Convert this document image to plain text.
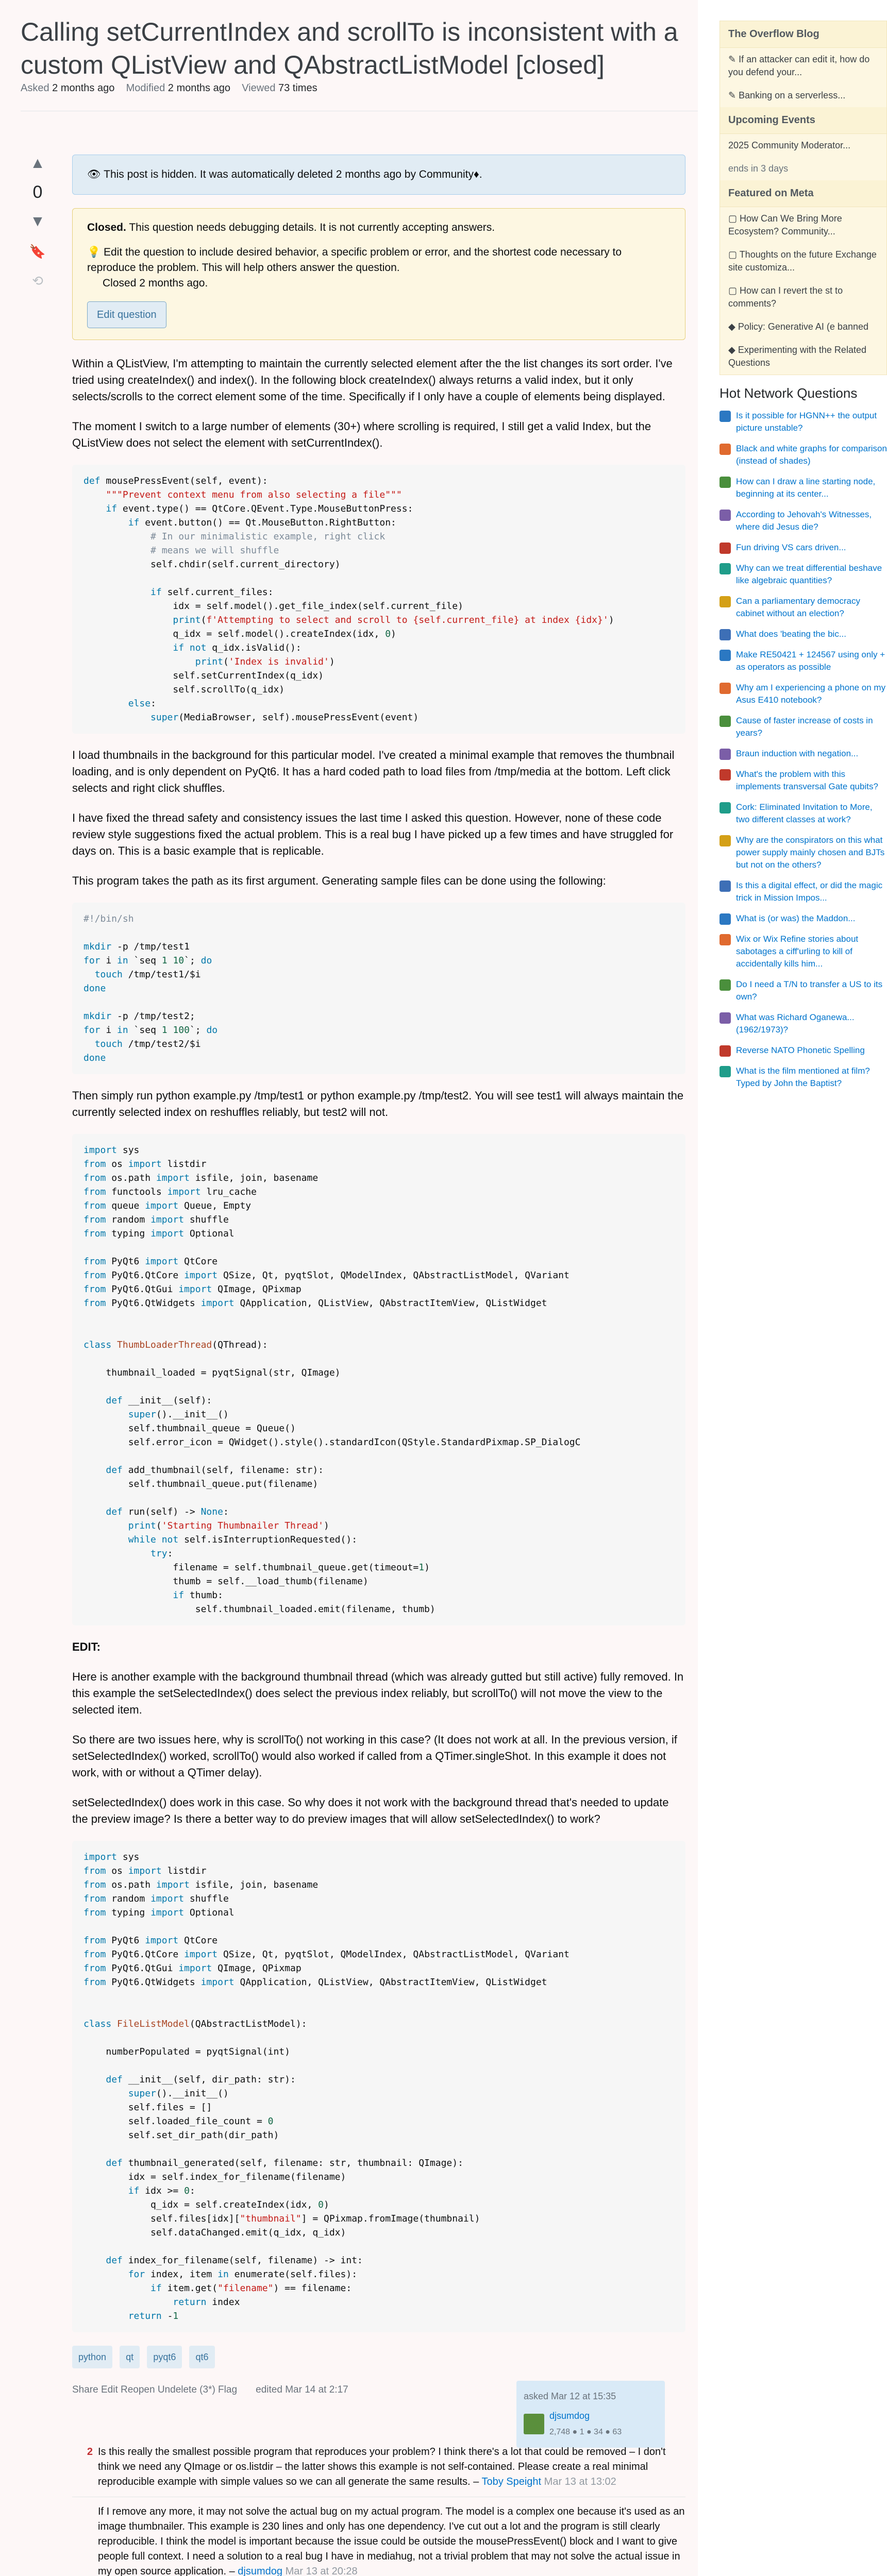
Calling setCurrentIndex and scrollTo is inconsistent with a custom QListView and QAbstractListModel [closed]
Asked 2 months ago Modified 2 months ago Viewed 73 times
▲
0
▼
🔖
⟲
👁 This post is hidden. It was automatically deleted 2 months ago by Community♦.
Closed. This question needs debugging details. It is not currently accepting answers.
💡 Edit the question to include desired behavior, a specific problem or error, and the shortest code necessary to reproduce the problem. This will help others answer the question.
Closed 2 months ago.
Edit question

Within a QListView, I'm attempting to maintain the currently selected element after the the list changes its sort order. I've tried using createIndex() and index(). In the following block createIndex() always returns a valid index, but it only selects/scrolls to the correct element some of the time. Specifically if I only have a couple of elements being displayed.

The moment I switch to a large number of elements (30+) where scrolling is required, I still get a valid Index, but the QListView does not select the element with setCurrentIndex().

def mousePressEvent(self, event):
"""Prevent context menu from also selecting a file"""
if event.type() == QtCore.QEvent.Type.MouseButtonPress:
if event.button() == Qt.MouseButton.RightButton:
# In our minimalistic example, right click
# means we will shuffle
self.chdir(self.current_directory)

if self.current_files:
idx = self.model().get_file_index(self.current_file)
print(f'Attempting to select and scroll to {self.current_file} at index {idx}')
q_idx = self.model().createIndex(idx, 0)
if not q_idx.isValid():
print('Index is invalid')
self.setCurrentIndex(q_idx)
self.scrollTo(q_idx)
else:
super(MediaBrowser, self).mousePressEvent(event)

I load thumbnails in the background for this particular model. I've created a minimal example that removes the thumbnail loading, and is only dependent on PyQt6. It has a hard coded path to load files from /tmp/media at the bottom. Left click selects and right click shuffles.

I have fixed the thread safety and consistency issues the last time I asked this question. However, none of these code review style suggestions fixed the actual problem. This is a real bug I have picked up a few times and have struggled for days on. This is a basic example that is replicable.

This program takes the path as its first argument. Generating sample files can be done using the following:

#!/bin/sh

mkdir -p /tmp/test1
for i in `seq 1 10`; do
touch /tmp/test1/$i
done

mkdir -p /tmp/test2;
for i in `seq 1 100`; do
touch /tmp/test2/$i
done

Then simply run python example.py /tmp/test1 or python example.py /tmp/test2. You will see test1 will always maintain the currently selected index on reshuffles reliably, but test2 will not.

import sys
from os import listdir
from os.path import isfile, join, basename
from functools import lru_cache
from queue import Queue, Empty
from random import shuffle
from typing import Optional

from PyQt6 import QtCore
from PyQt6.QtCore import QSize, Qt, pyqtSlot, QModelIndex, QAbstractListModel, QVariant
from PyQt6.QtGui import QImage, QPixmap
from PyQt6.QtWidgets import QApplication, QListView, QAbstractItemView, QListWidget

class ThumbLoaderThread(QThread):

thumbnail_loaded = pyqtSignal(str, QImage)

def __init__(self):
super().__init__()
self.thumbnail_queue = Queue()
self.error_icon = QWidget().style().standardIcon(QStyle.StandardPixmap.SP_DialogC

def add_thumbnail(self, filename: str):
self.thumbnail_queue.put(filename)

def run(self) -> None:
print('Starting Thumbnailer Thread')
while not self.isInterruptionRequested():
try:
filename = self.thumbnail_queue.get(timeout=1)
thumb = self.__load_thumb(filename)
if thumb:
self.thumbnail_loaded.emit(filename, thumb)

EDIT:

Here is another example with the background thumbnail thread (which was already gutted but still active) fully removed. In this example the setSelectedIndex() does select the previous index reliably, but scrollTo() will not move the view to the selected item.

So there are two issues here, why is scrollTo() not working in this case? (It does not work at all. In the previous version, if setSelectedIndex() worked, scrollTo() would also worked if called from a QTimer.singleShot. In this example it does not work, with or without a QTimer delay).

setSelectedIndex() does work in this case. So why does it not work with the background thread that's needed to update the preview image? Is there a better way to do preview images that will allow setSelectedIndex() to work?

import sys
from os import listdir
from os.path import isfile, join, basename
from random import shuffle
from typing import Optional

from PyQt6 import QtCore
from PyQt6.QtCore import QSize, Qt, pyqtSlot, QModelIndex, QAbstractListModel, QVariant
from PyQt6.QtGui import QImage, QPixmap
from PyQt6.QtWidgets import QApplication, QListView, QAbstractItemView, QListWidget

class FileListModel(QAbstractListModel):

numberPopulated = pyqtSignal(int)

def __init__(self, dir_path: str):
super().__init__()
self.files = []
self.loaded_file_count = 0
self.set_dir_path(dir_path)

def thumbnail_generated(self, filename: str, thumbnail: QImage):
idx = self.index_for_filename(filename)
if idx >= 0:
q_idx = self.createIndex(idx, 0)
self.files[idx]["thumbnail"] = QPixmap.fromImage(thumbnail)
self.dataChanged.emit(q_idx, q_idx)

def index_for_filename(self, filename) -> int:
for index, item in enumerate(self.files):
if item.get("filename") == filename:
return index
return -1
python qt pyqt6 qt6
Share Edit Reopen Undelete (3*) Flag edited Mar 14 at 2:17
asked Mar 12 at 15:35
djsumdog
2,748 ● 1 ● 34 ● 63
2 Is this really the smallest possible program that reproduces your problem? I think there's a lot that could be removed – I don't think we need any QImage or os.listdir – the latter shows this example is not self-contained. Please create a real minimal reproducible example with simple values so we can all generate the same results. – Toby Speight Mar 13 at 13:02
If I remove any more, it may not solve the actual bug on my actual program. The model is a complex one because it's used as an image thumbnailer. This example is 230 lines and only has one dependency. I've cut out a lot and the program is still clearly reproducible. I think the model is important because the issue could be outside the mousePressEvent() block and I want to give people full context. I need a solution to a real bug I have in mediahug, not a trivial problem that may not solve the actual issue in my open source application. – djsumdog Mar 13 at 20:28
The Overflow Blog
✎ If an attacker can edit it, how do you defend your...
✎ Banking on a serverless...
Upcoming Events
2025 Community Moderator...
ends in 3 days
Featured on Meta
▢ How Can We Bring More Ecosystem? Community...
▢ Thoughts on the future Exchange site customiza...
▢ How can I revert the st to comments?
◆ Policy: Generative AI (e banned
◆ Experimenting with the Related Questions
Hot Network Questions
Is it possible for HGNN++ the output picture unstable?
Black and white graphs for comparison (instead of shades)
How can I draw a line starting node, beginning at its center...
According to Jehovah's Witnesses, where did Jesus die?
Fun driving VS cars driven...
Why can we treat differential beshave like algebraic quantities?
Can a parliamentary democracy cabinet without an election?
What does 'beating the bic...
Make RE50421 + 124567 using only + as operators as possible
Why am I experiencing a phone on my Asus E410 notebook?
Cause of faster increase of costs in years?
Braun induction with negation...
What's the problem with this implements transversal Gate qubits?
Cork: Eliminated Invitation to More, two different classes at work?
Why are the conspirators on this what power supply mainly chosen and BJTs but not on the others?
Is this a digital effect, or did the magic trick in Mission Impos...
What is (or was) the Maddon...
Wix or Wix Refine stories about sabotages a ciff'urling to kill of accidentally kills him...
Do I need a T/N to transfer a US to its own?
What was Richard Oganewa... (1962/1973)?
Reverse NATO Phonetic Spelling
What is the film mentioned at film? Typed by John the Baptist?
